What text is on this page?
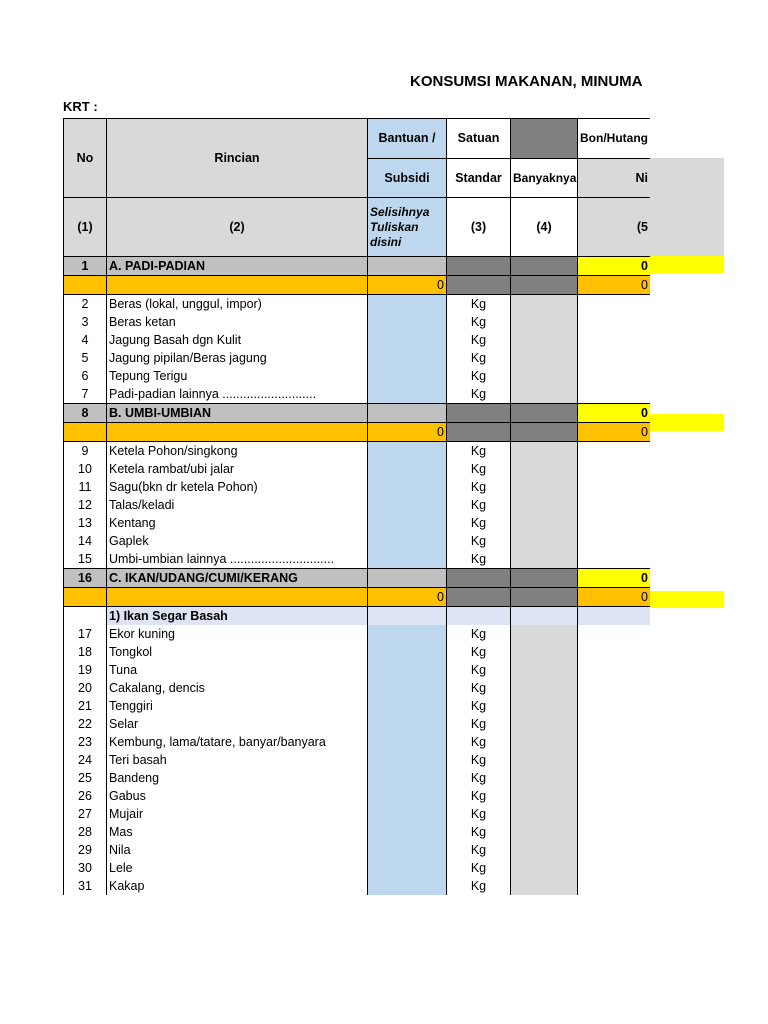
KONSUMSI MAKANAN, MINUMA
KRT :
No	Rincian	Bantuan /	Satuan		Bon/Hutang
		Subsidi	Standar	Banyaknya	Ni
(1)	(2)	Selisihnya Tuliskan disini	(3)	(4)	(5
1	A. PADI-PADIAN				0
		0			0
2	Beras (lokal, unggul, impor)		Kg		
3	Beras ketan		Kg		
4	Jagung Basah dgn Kulit		Kg		
5	Jagung pipilan/Beras jagung		Kg		
6	Tepung Terigu		Kg		
7	Padi-padian lainnya ...........................		Kg		
8	B. UMBI-UMBIAN				0
		0			0
9	Ketela Pohon/singkong		Kg		
10	Ketela rambat/ubi jalar		Kg		
11	Sagu(bkn dr ketela Pohon)		Kg		
12	Talas/keladi		Kg		
13	Kentang		Kg		
14	Gaplek		Kg		
15	Umbi-umbian lainnya ..............................		Kg		
16	C. IKAN/UDANG/CUMI/KERANG				0
		0			0
	1) Ikan Segar Basah				
17	Ekor kuning		Kg		
18	Tongkol		Kg		
19	Tuna		Kg		
20	Cakalang, dencis		Kg		
21	Tenggiri		Kg		
22	Selar		Kg		
23	Kembung, lama/tatare, banyar/banyara		Kg		
24	Teri basah		Kg		
25	Bandeng		Kg		
26	Gabus		Kg		
27	Mujair		Kg		
28	Mas		Kg		
29	Nila		Kg		
30	Lele		Kg		
31	Kakap		Kg		
